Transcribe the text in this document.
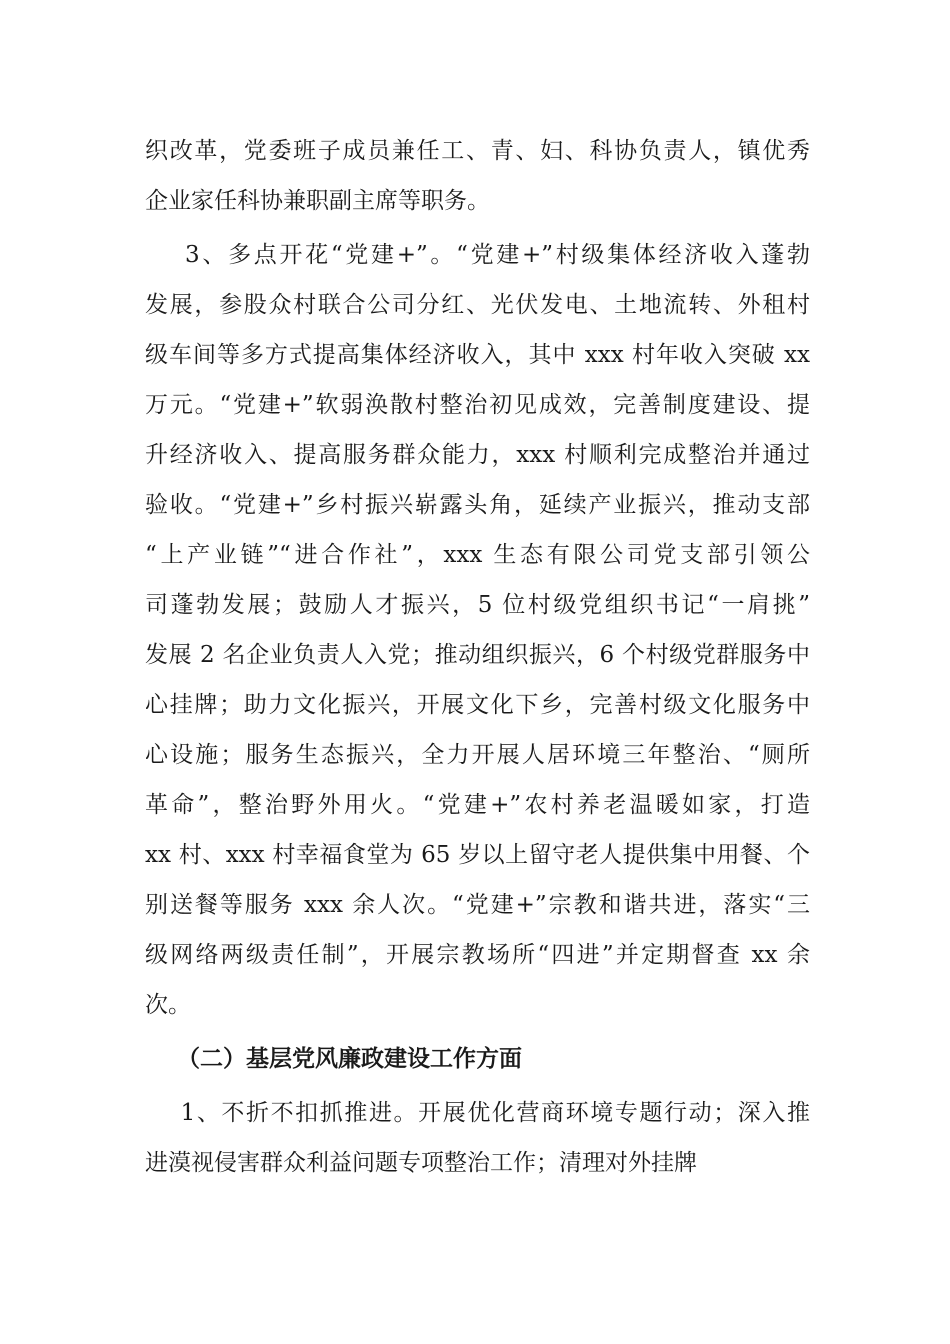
织改革，党委班子成员兼任工、青、妇、科协负责人，镇优秀
企业家任科协兼职副主席等职务。
3、多点开花“党建+”。“党建+”村级集体经济收入蓬勃
发展，参股众村联合公司分红、光伏发电、土地流转、外租村
级车间等多方式提高集体经济收入，其中 xxx 村年收入突破 xx
万元。“党建+”软弱涣散村整治初见成效，完善制度建设、提
升经济收入、提高服务群众能力，xxx 村顺利完成整治并通过
验收。“党建+”乡村振兴崭露头角，延续产业振兴，推动支部
“上产业链”“进合作社”，xxx 生态有限公司党支部引领公
司蓬勃发展；鼓励人才振兴，5 位村级党组织书记“一肩挑”
发展 2 名企业负责人入党；推动组织振兴，6 个村级党群服务中
心挂牌；助力文化振兴，开展文化下乡，完善村级文化服务中
心设施；服务生态振兴，全力开展人居环境三年整治、“厕所
革命”，整治野外用火。“党建+”农村养老温暖如家，打造
xx 村、xxx 村幸福食堂为 65 岁以上留守老人提供集中用餐、个
别送餐等服务 xxx 余人次。“党建+”宗教和谐共进，落实“三
级网络两级责任制”，开展宗教场所“四进”并定期督查 xx 余
次。
（二）基层党风廉政建设工作方面
1、不折不扣抓推进。开展优化营商环境专题行动；深入推
进漠视侵害群众利益问题专项整治工作；清理对外挂牌
